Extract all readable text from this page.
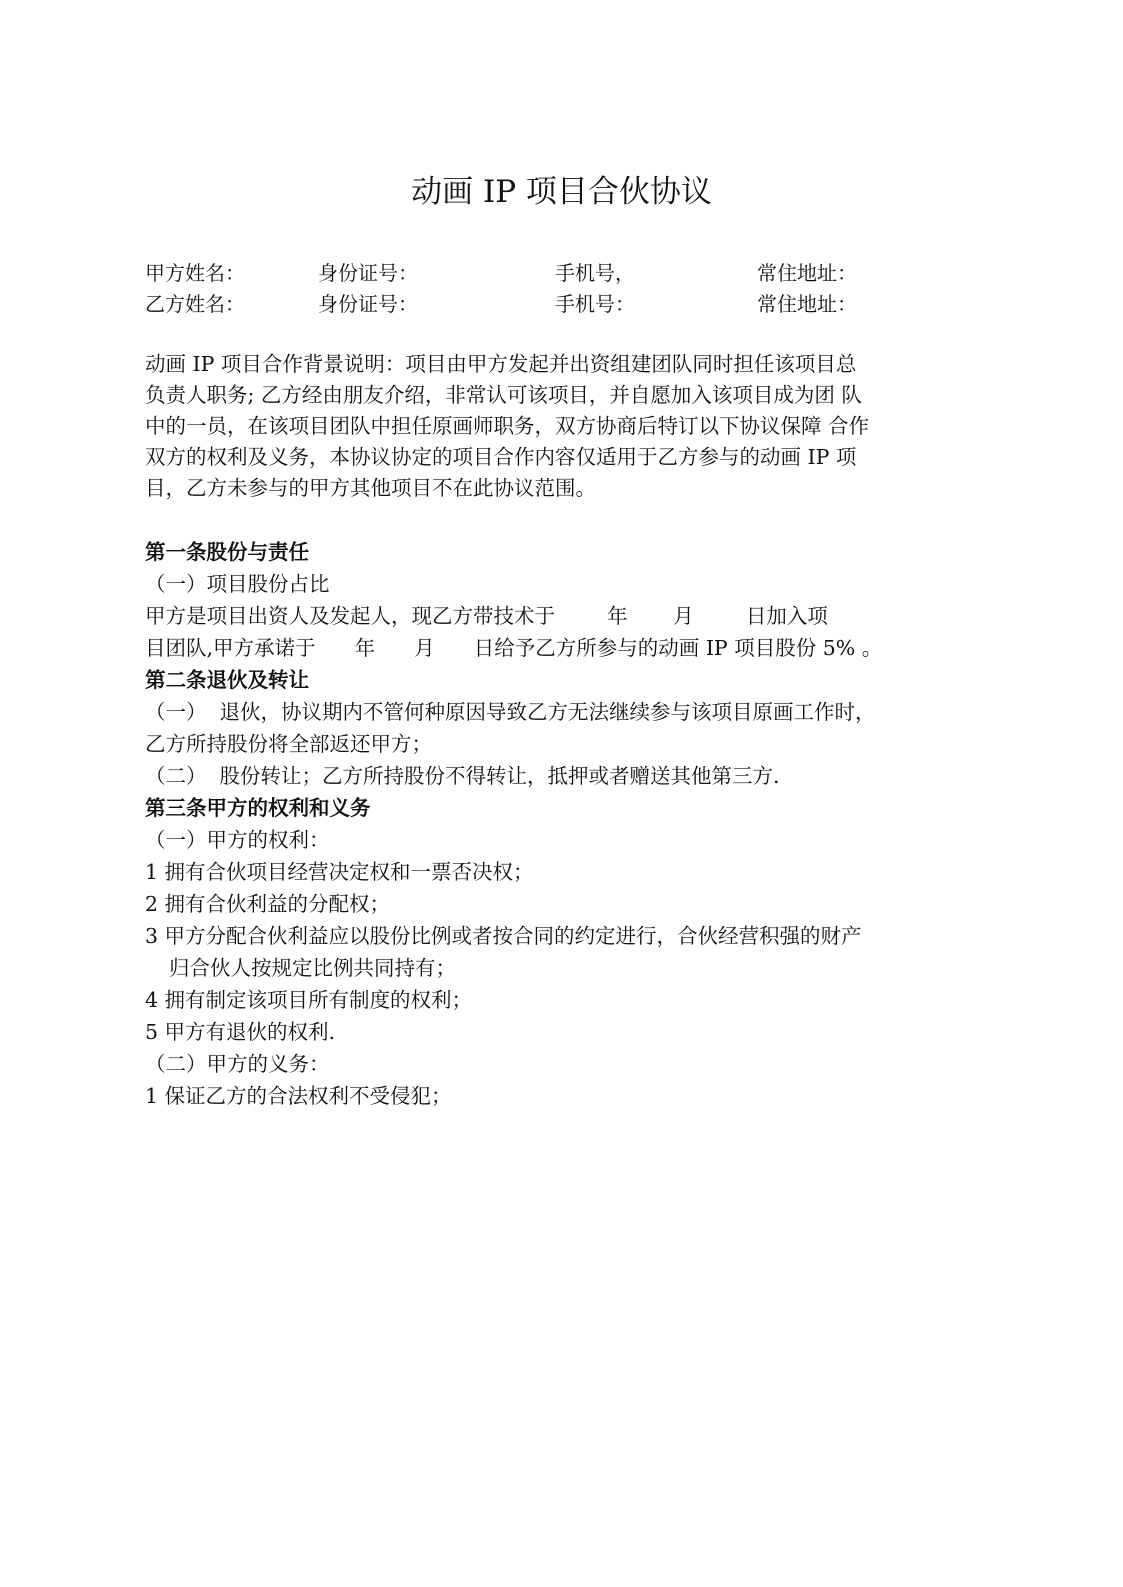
动画 IP 项目合伙协议
甲方姓名：	身份证号：	手机号，	常住地址：
乙方姓名：	身份证号：	手机号：	常住地址：
动画 IP 项目合作背景说明：项目由甲方发起并出资组建团队同时担任该项目总
负责人职务; 乙方经由朋友介绍，非常认可该项目，并自愿加入该项目成为团 队
中的一员，在该项目团队中担任原画师职务，双方协商后特订以下协议保障 合作
双方的权利及义务，本协议协定的项目合作内容仅适用于乙方参与的动画 IP 项
目，乙方未参与的甲方其他项目不在此协议范围。
第一条股份与责任
（一）项目股份占比
甲方是项目出资人及发起人，现乙方带技术于        年       月        日加入项
目团队,甲方承诺于      年      月      日给予乙方所参与的动画 IP 项目股份 5% 。
第二条退伙及转让
（一）  退伙，协议期内不管何种原因导致乙方无法继续参与该项目原画工作时，
乙方所持股份将全部返还甲方；
（二）  股份转让；乙方所持股份不得转让，抵押或者赠送其他第三方.
第三条甲方的权利和义务
（一）甲方的权利：
1 拥有合伙项目经营决定权和一票否决权；
2 拥有合伙利益的分配权；
3 甲方分配合伙利益应以股份比例或者按合同的约定进行，合伙经营积强的财产
归合伙人按规定比例共同持有；
4 拥有制定该项目所有制度的权利；
5 甲方有退伙的权利.
（二）甲方的义务：
1 保证乙方的合法权利不受侵犯；
